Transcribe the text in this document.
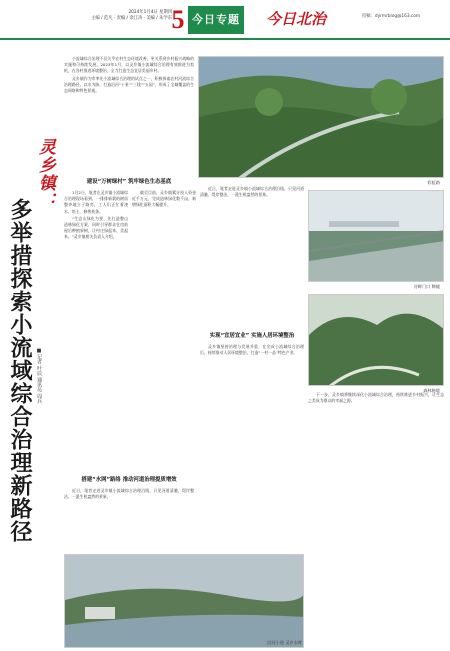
2024年1月4日 星期四
主编 / 范凡 · 责编 / 余江涛 · 美编 / 朱学东 5 今日专题 今日北治	投稿：dyrmrblog@163.com
灵乡镇：
多举措探索小流域综合治理新路径 ■记者 叶辰 通讯员 周兵

小流域综合治理不仅关乎农村生态环境改善，更关系到乡村振兴战略的实施和可持续发展。2023年1月，以灵乡镇小流域综合治理有效推进为契机，在各村推进环境整治，全力打造生态宜居美丽乡村。

灵乡镇作为市率先小流域综合治理的试点之一，积极探索农村河流综合治理路径，以水为脉，打造沿河“十景”“三线”“五园”，形成了全域覆盖的生态网络和特色景观。

建设“万树绿村” 筑牢绿色生态基底

1月2日，笔者在灵乡镇小流域综合治理现场看到，一排排新栽的树苗整齐地立于路旁，工人们正忙着浇水、培土、修剪枝条。

“生态山绿化为要，先打造整山造林绿化方案，同时引导群众在房前屋后种植果树，让村庄绿起来、美起来。”灵乡镇相关负责人介绍。

截至目前，灵乡镇累计投入资金近千万元，完成造林绿化数千亩，新增绿化面积大幅提升。

搭建“水网”路络 推动河道治理提质增效

近日，笔者走进灵乡镇小流域综合治理沿线，只见河道清澈、堤岸整洁，一派生机盎然的景象。

近日，笔者走进灵乡镇小流域综合治理沿线，只见河道清澈、堤岸整洁，一派生机盎然的景象。

实现“宜居宜业” 实施人居环境整治

灵乡镇坚持治理与发展并重，在完成小流域综合治理后，持续推动人居环境整治，打造“一村一品”特色产业。

下一步，灵乡镇将继续深化小流域综合治理，持续推进乡村振兴，让生态之美成为群众的幸福之源。

彩虹路
河畔门口 牌楼
森林秘境
沿河小道 灵乡水库
